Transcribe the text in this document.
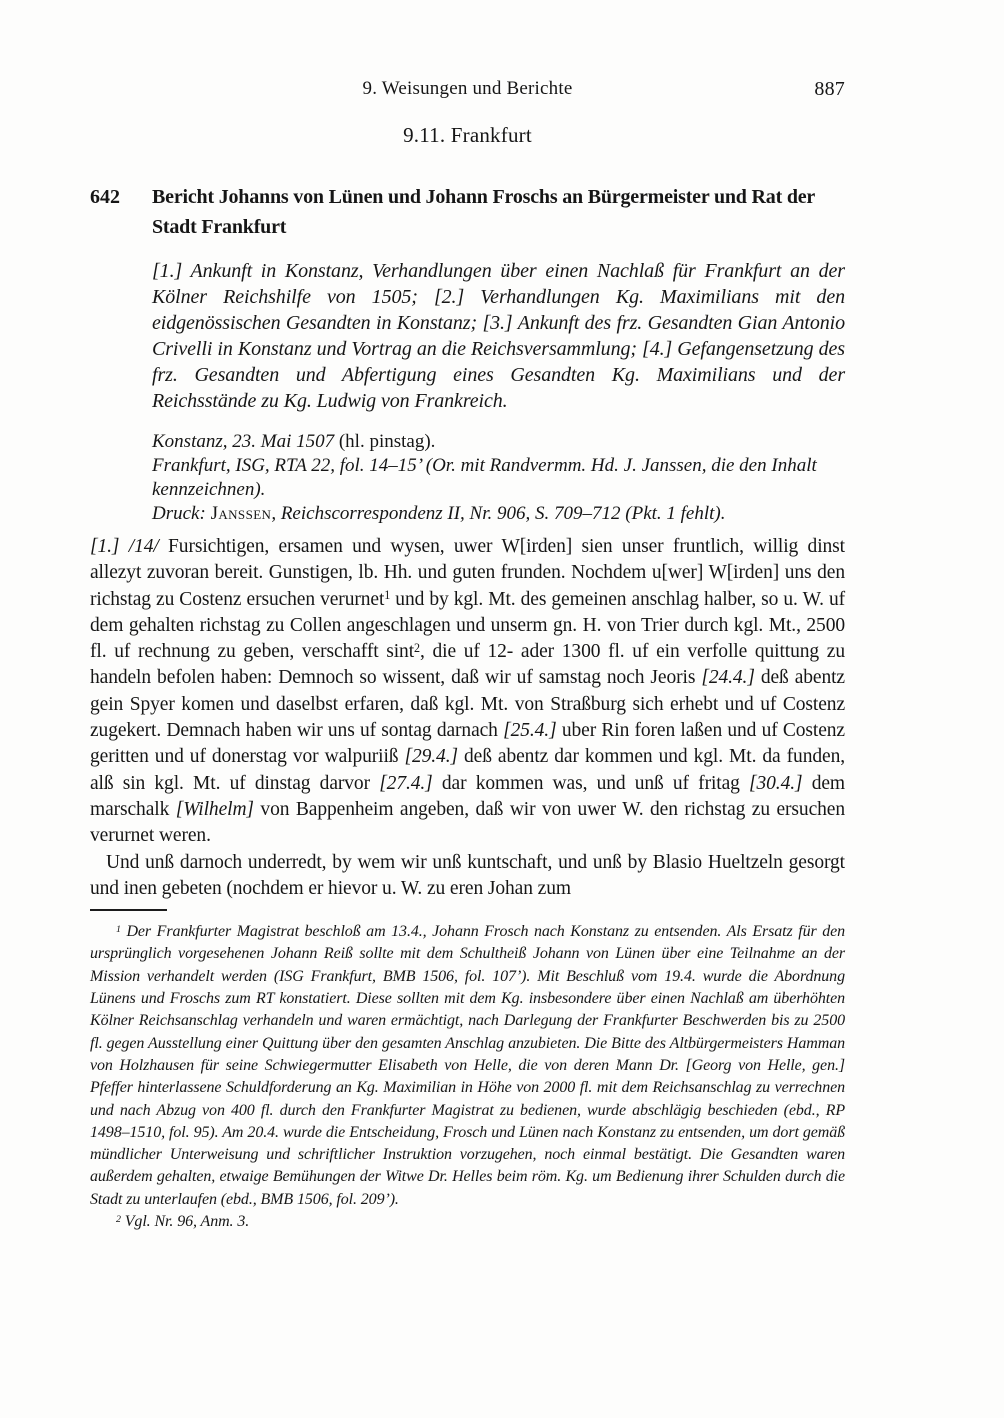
9. Weisungen und Berichte	887
9.11. Frankfurt
642	Bericht Johanns von Lünen und Johann Froschs an Bürgermeister und Rat der Stadt Frankfurt

[1.] Ankunft in Konstanz, Verhandlungen über einen Nachlaß für Frankfurt an der Kölner Reichshilfe von 1505; [2.] Verhandlungen Kg. Maximilians mit den eidgenössischen Gesandten in Konstanz; [3.] Ankunft des frz. Gesandten Gian Antonio Crivelli in Konstanz und Vortrag an die Reichsversammlung; [4.] Gefangensetzung des frz. Gesandten und Abfertigung eines Gesandten Kg. Maximilians und der Reichsstände zu Kg. Ludwig von Frankreich.

Konstanz, 23. Mai 1507 (hl. pinstag).

Frankfurt, ISG, RTA 22, fol. 14–15’ (Or. mit Randvermm. Hd. J. Janssen, die den Inhalt kennzeichnen).

Druck: Janssen, Reichscorrespondenz II, Nr. 906, S. 709–712 (Pkt. 1 fehlt).

[1.] /14/ Fursichtigen, ersamen und wysen, uwer W[irden] sien unser fruntlich, willig dinst allezyt zuvoran bereit. Gunstigen, lb. Hh. und guten frunden. Nochdem u[wer] W[irden] uns den richstag zu Costenz ersuchen verurnet$^1$ und by kgl. Mt. des gemeinen anschlag halber, so u. W. uf dem gehalten richstag zu Collen angeschlagen und unserm gn. H. von Trier durch kgl. Mt., 2500 fl. uf rechnung zu geben, verschafft sint$^2$, die uf 12- ader 1300 fl. uf ein verfolle quittung zu handeln befolen haben: Demnoch so wissent, daß wir uf samstag noch Jeoris [24.4.] deß abentz gein Spyer komen und daselbst erfaren, daß kgl. Mt. von Straßburg sich erhebt und uf Costenz zugekert. Demnach haben wir uns uf sontag darnach [25.4.] uber Rin foren laßen und uf Costenz geritten und uf donerstag vor walpuriiß [29.4.] deß abentz dar kommen und kgl. Mt. da funden, alß sin kgl. Mt. uf dinstag darvor [27.4.] dar kommen was, und unß uf fritag [30.4.] dem marschalk [Wilhelm] von Bappenheim angeben, daß wir von uwer W. den richstag zu ersuchen verurnet weren.

Und unß darnoch underredt, by wem wir unß kuntschaft, und unß by Blasio Hueltzeln gesorgt und inen gebeten (nochdem er hievor u. W. zu eren Johan zum

$^1$ Der Frankfurter Magistrat beschloß am 13.4., Johann Frosch nach Konstanz zu entsenden. Als Ersatz für den ursprünglich vorgesehenen Johann Reiß sollte mit dem Schultheiß Johann von Lünen über eine Teilnahme an der Mission verhandelt werden (ISG Frankfurt, BMB 1506, fol. 107’). Mit Beschluß vom 19.4. wurde die Abordnung Lünens und Froschs zum RT konstatiert. Diese sollten mit dem Kg. insbesondere über einen Nachlaß am überhöhten Kölner Reichsanschlag verhandeln und waren ermächtigt, nach Darlegung der Frankfurter Beschwerden bis zu 2500 fl. gegen Ausstellung einer Quittung über den gesamten Anschlag anzubieten. Die Bitte des Altbürgermeisters Hamman von Holzhausen für seine Schwiegermutter Elisabeth von Helle, die von deren Mann Dr. [Georg von Helle, gen.] Pfeffer hinterlassene Schuldforderung an Kg. Maximilian in Höhe von 2000 fl. mit dem Reichsanschlag zu verrechnen und nach Abzug von 400 fl. durch den Frankfurter Magistrat zu bedienen, wurde abschlägig beschieden (ebd., RP 1498–1510, fol. 95). Am 20.4. wurde die Entscheidung, Frosch und Lünen nach Konstanz zu entsenden, um dort gemäß mündlicher Unterweisung und schriftlicher Instruktion vorzugehen, noch einmal bestätigt. Die Gesandten waren außerdem gehalten, etwaige Bemühungen der Witwe Dr. Helles beim röm. Kg. um Bedienung ihrer Schulden durch die Stadt zu unterlaufen (ebd., BMB 1506, fol. 209’).

$^2$ Vgl. Nr. 96, Anm. 3.
